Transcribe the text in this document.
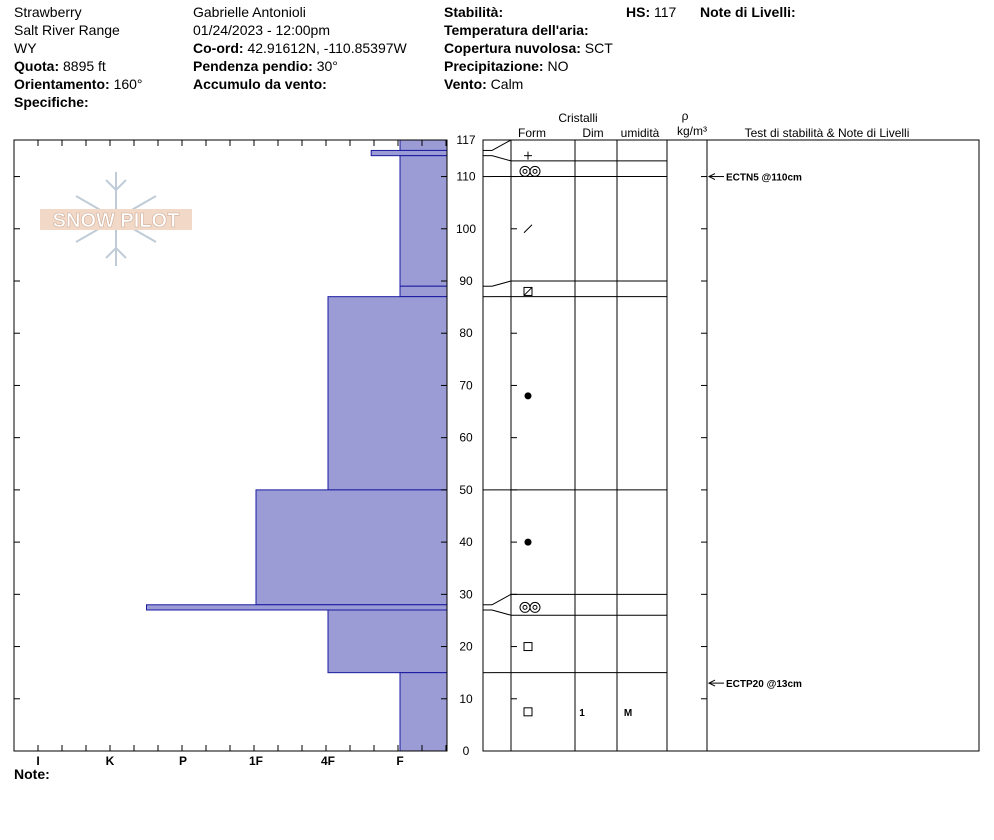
Strawberry
Salt River Range
WY
Quota: 8895 ft
Orientamento: 160°
Specifiche:
Gabrielle Antonioli
01/24/2023 - 12:00pm
Co-ord: 42.91612N, -110.85397W
Pendenza pendio: 30°
Accumulo da vento:
Stabilità:
Temperatura dell'aria:
Copertura nuvolosa: SCT
Precipitazione: NO
Vento: Calm
HS: 117 Note di Livelli:
SNOW PILOT
I	K	P	1F	4F	F
0
10
20
30
40
50
60
70
80
90
100
110
117
1	M
ECTN5 @110cm
ECTP20 @13cm
Cristalli
Form	Dim umidità
ρ
kg/m³	Test di stabilità & Note di Livelli
Note:
